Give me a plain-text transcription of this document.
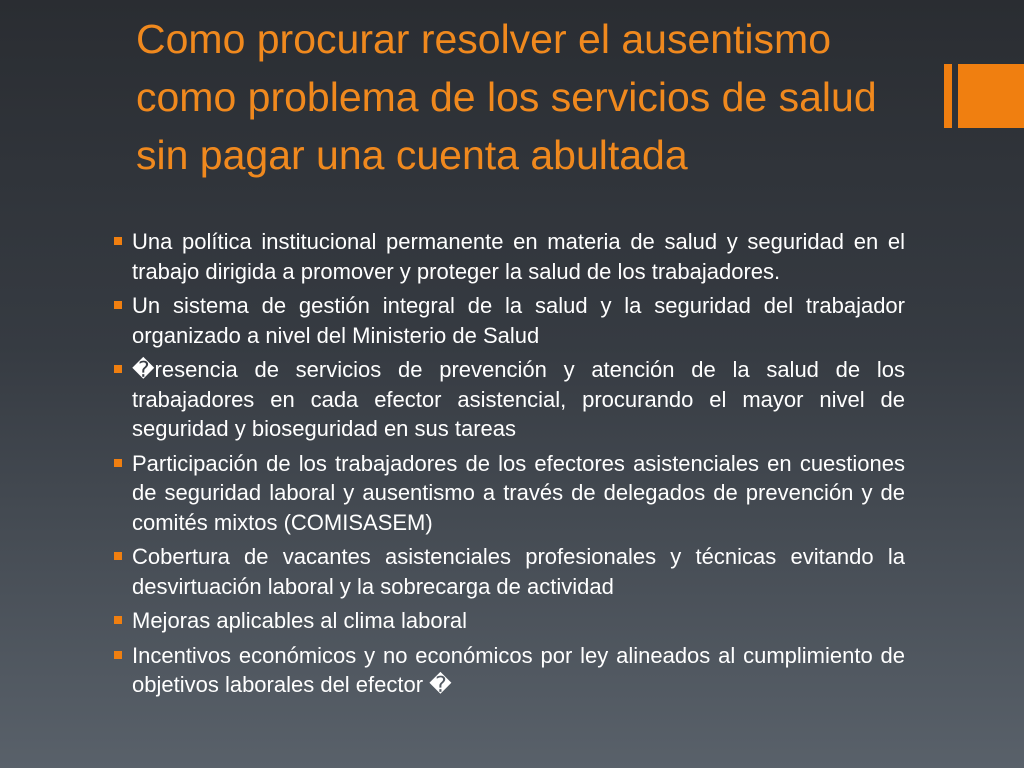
Como procurar resolver el ausentismo como problema de los servicios de salud sin pagar una cuenta abultada
Una política institucional permanente en materia de salud y seguridad en el trabajo dirigida a promover y proteger la salud de los trabajadores.
Un sistema de gestión integral de la salud y la seguridad del trabajador organizado a nivel del Ministerio de Salud
�resencia de servicios de prevención y atención de la salud de los trabajadores en cada efector asistencial, procurando el mayor nivel de seguridad y bioseguridad en sus tareas
Participación de los trabajadores de los efectores asistenciales en cuestiones de seguridad laboral y ausentismo a través de delegados de prevención y de comités mixtos (COMISASEM)
Cobertura de vacantes asistenciales profesionales y técnicas evitando la desvirtuación laboral y la sobrecarga de actividad
Mejoras aplicables al clima laboral
Incentivos económicos y no económicos por ley alineados al cumplimiento de objetivos laborales del efector �
